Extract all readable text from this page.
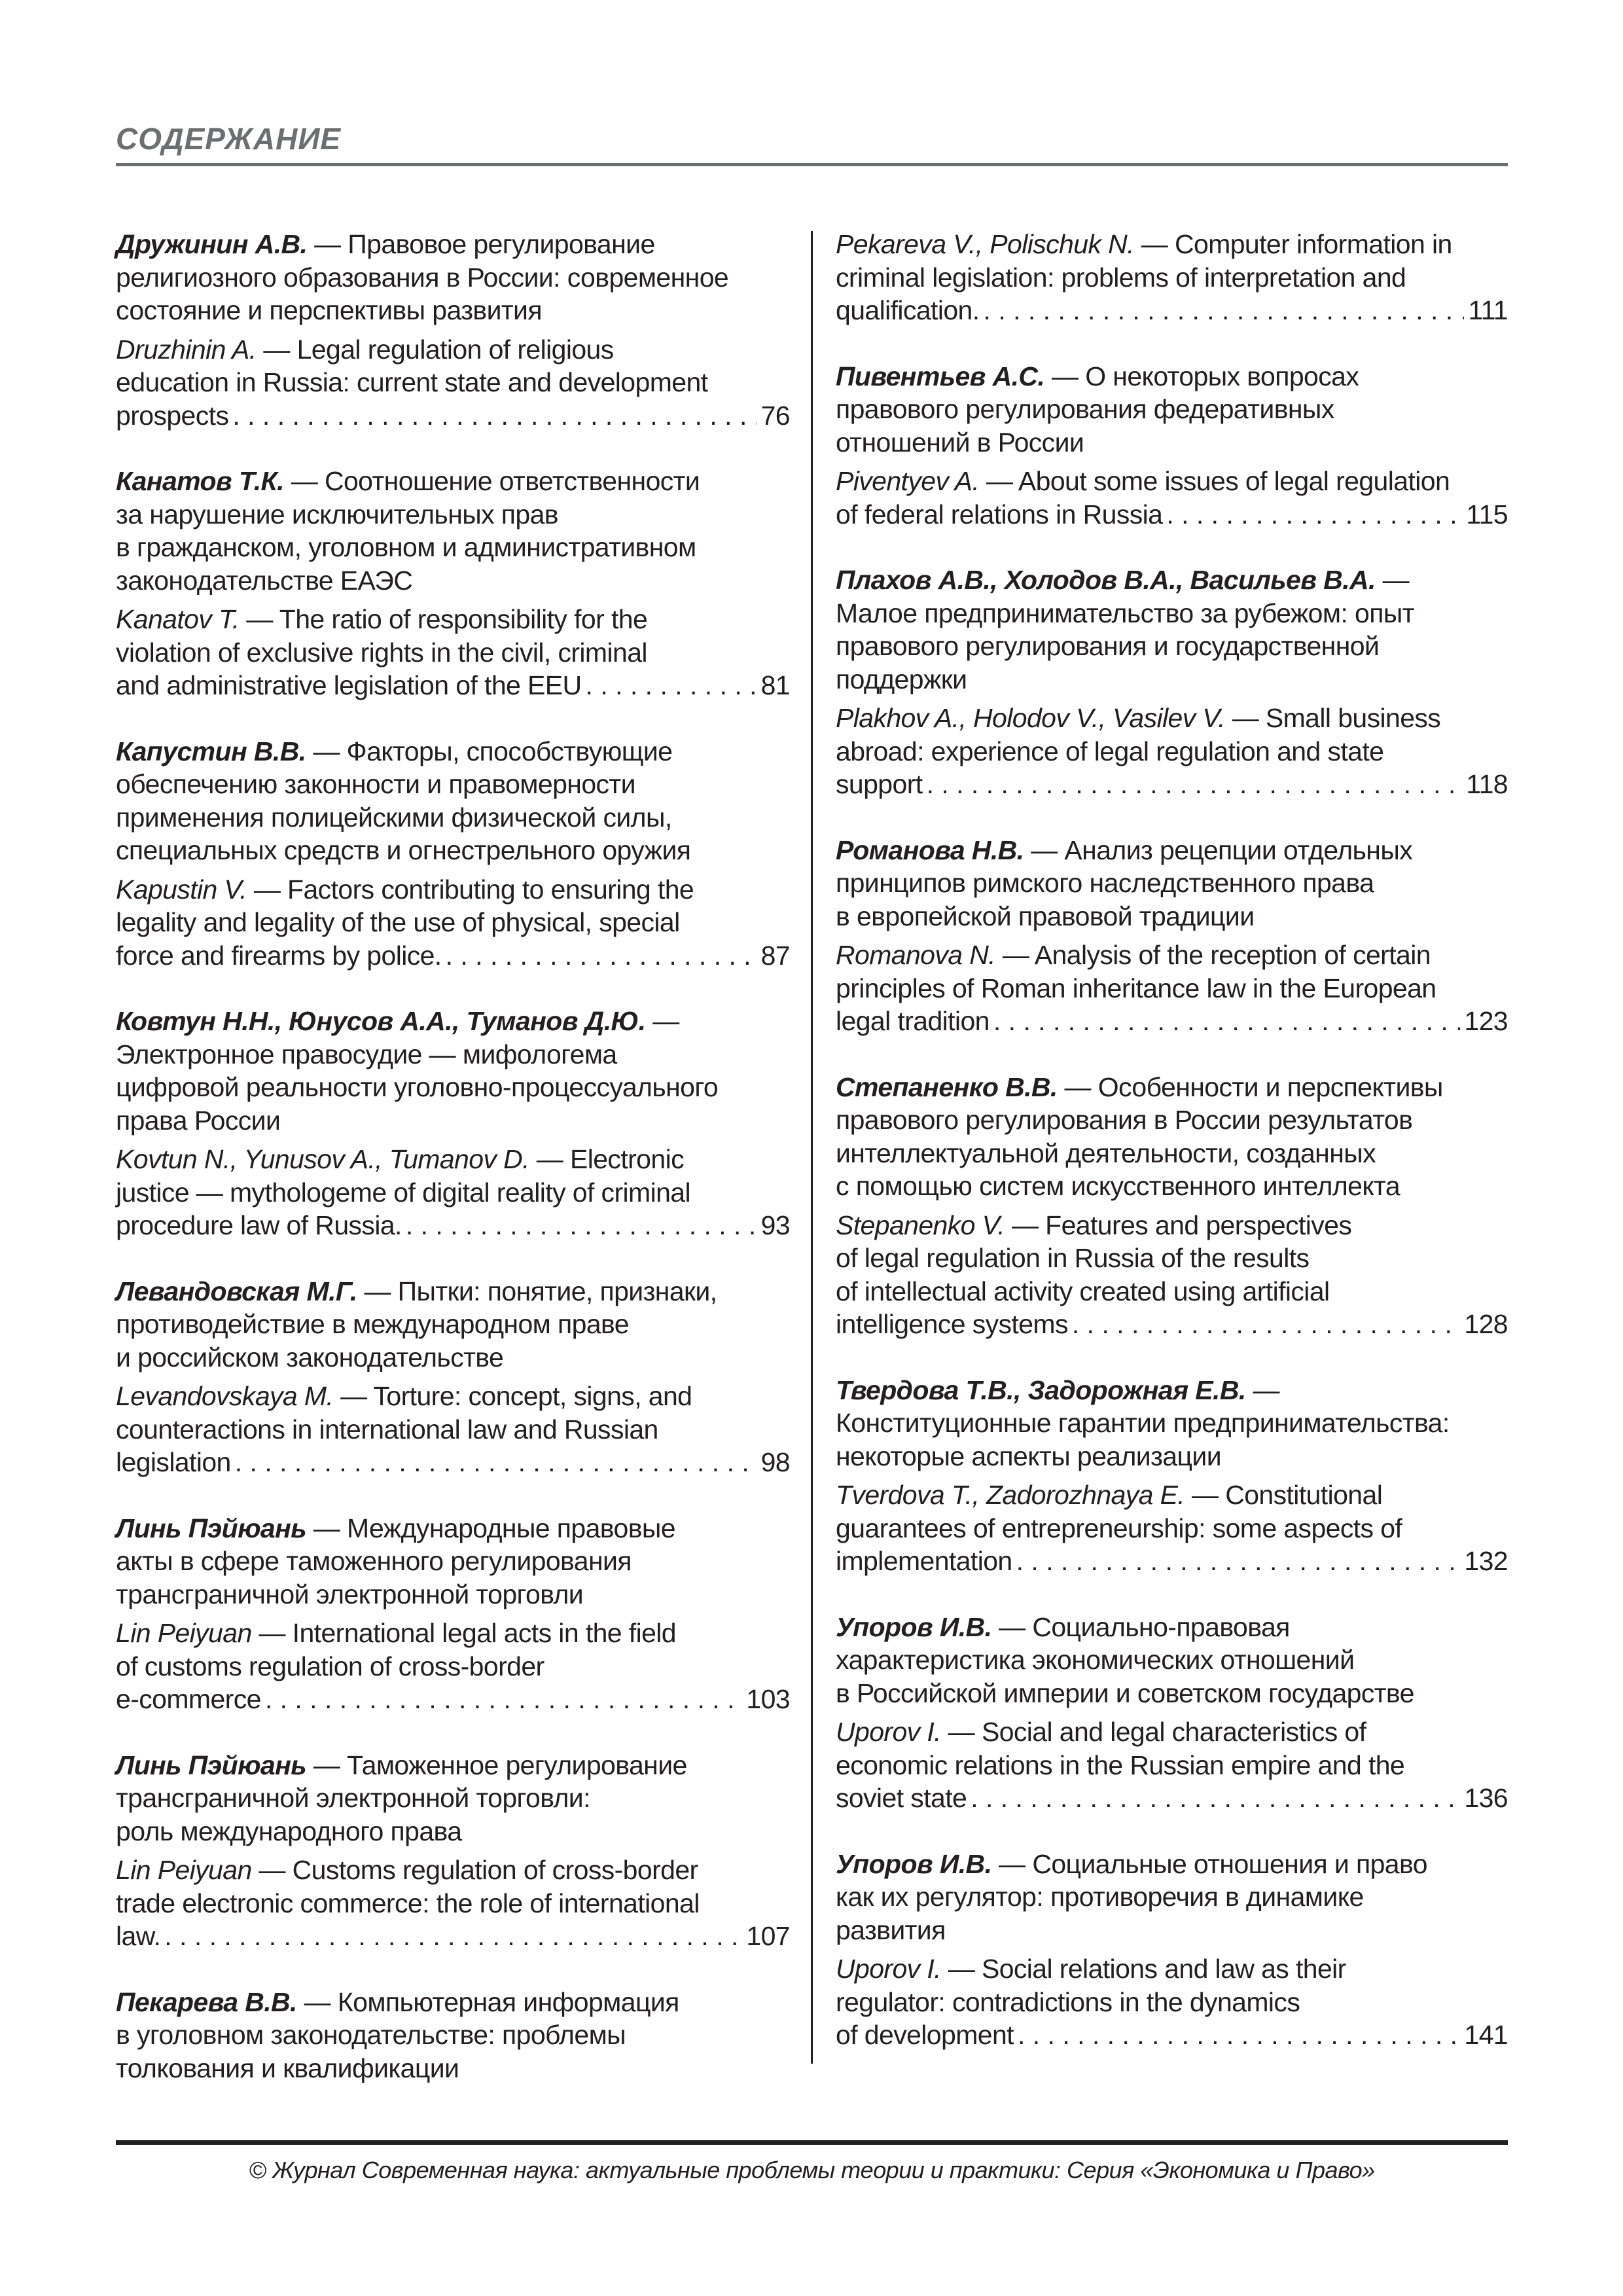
СОДЕРЖАНИЕ
Дружинин А.В. — Правовое регулирование
религиозного образования в России: современное
состояние и перспективы развития
Druzhinin A. — Legal regulation of religious
education in Russia: current state and development
prospects . . .	76
Канатов Т.К. — Соотношение ответственности
за нарушение исключительных прав
в гражданском, уголовном и административном
законодательстве ЕАЭС
Kanatov T. — The ratio of responsibility for the
violation of exclusive rights in the civil, criminal
and administrative legislation of the EEU . . .	81
Капустин В.В. — Факторы, способствующие
обеспечению законности и правомерности
применения полицейскими физической силы,
специальных средств и огнестрельного оружия
Kapustin V. — Factors contributing to ensuring the
legality and legality of the use of physical, special
force and firearms by police. . . .	87
Ковтун Н.Н., Юнусов А.А., Туманов Д.Ю. —
Электронное правосудие — мифологема
цифровой реальности уголовно-процессуального
права России
Kovtun N., Yunusov A., Tumanov D. — Electronic
justice — mythologeme of digital reality of criminal
procedure law of Russia. . . .	93
Левандовская М.Г. — Пытки: понятие, признаки,
противодействие в международном праве
и российском законодательстве
Levandovskaya M. — Torture: concept, signs, and
counteractions in international law and Russian
legislation . . .	98
Линь Пэйюань — Международные правовые
акты в сфере таможенного регулирования
трансграничной электронной торговли
Lin Peiyuan — International legal acts in the field
of customs regulation of cross-border
e-commerce . . .	103
Линь Пэйюань — Таможенное регулирование
трансграничной электронной торговли:
роль международного права
Lin Peiyuan — Customs regulation of cross-border
trade electronic commerce: the role of international
law. . . .	107
Пекарева В.В. — Компьютерная информация
в уголовном законодательстве: проблемы
толкования и квалификации
Pekareva V., Polischuk N. — Computer information in
criminal legislation: problems of interpretation and
qualification. . . .	111
Пивентьев А.С. — О некоторых вопросах
правового регулирования федеративных
отношений в России
Piventyev A. — About some issues of legal regulation
of federal relations in Russia . . .	115
Плахов А.В., Холодов В.А., Васильев В.А. —
Малое предпринимательство за рубежом: опыт
правового регулирования и государственной
поддержки
Plakhov A., Holodov V., Vasilev V. — Small business
abroad: experience of legal regulation and state
support . . .	118
Романова Н.В. — Анализ рецепции отдельных
принципов римского наследственного права
в европейской правовой традиции
Romanova N. — Analysis of the reception of certain
principles of Roman inheritance law in the European
legal tradition . . .	123
Степаненко В.В. — Особенности и перспективы
правового регулирования в России результатов
интеллектуальной деятельности, созданных
с помощью систем искусственного интеллекта
Stepanenko V. — Features and perspectives
of legal regulation in Russia of the results
of intellectual activity created using artificial
intelligence systems . . .	128
Твердова Т.В., Задорожная Е.В. —
Конституционные гарантии предпринимательства:
некоторые аспекты реализации
Tverdova T., Zadorozhnaya E. — Constitutional
guarantees of entrepreneurship: some aspects of
implementation . . .	132
Упоров И.В. — Социально-правовая
характеристика экономических отношений
в Российской империи и советском государстве
Uporov I. — Social and legal characteristics of
economic relations in the Russian empire and the
soviet state . . .	136
Упоров И.В. — Социальные отношения и право
как их регулятор: противоречия в динамике
развития
Uporov I. — Social relations and law as their
regulator: contradictions in the dynamics
of development . . .	141
© Журнал Современная наука: актуальные проблемы теории и практики: Серия «Экономика и Право»
